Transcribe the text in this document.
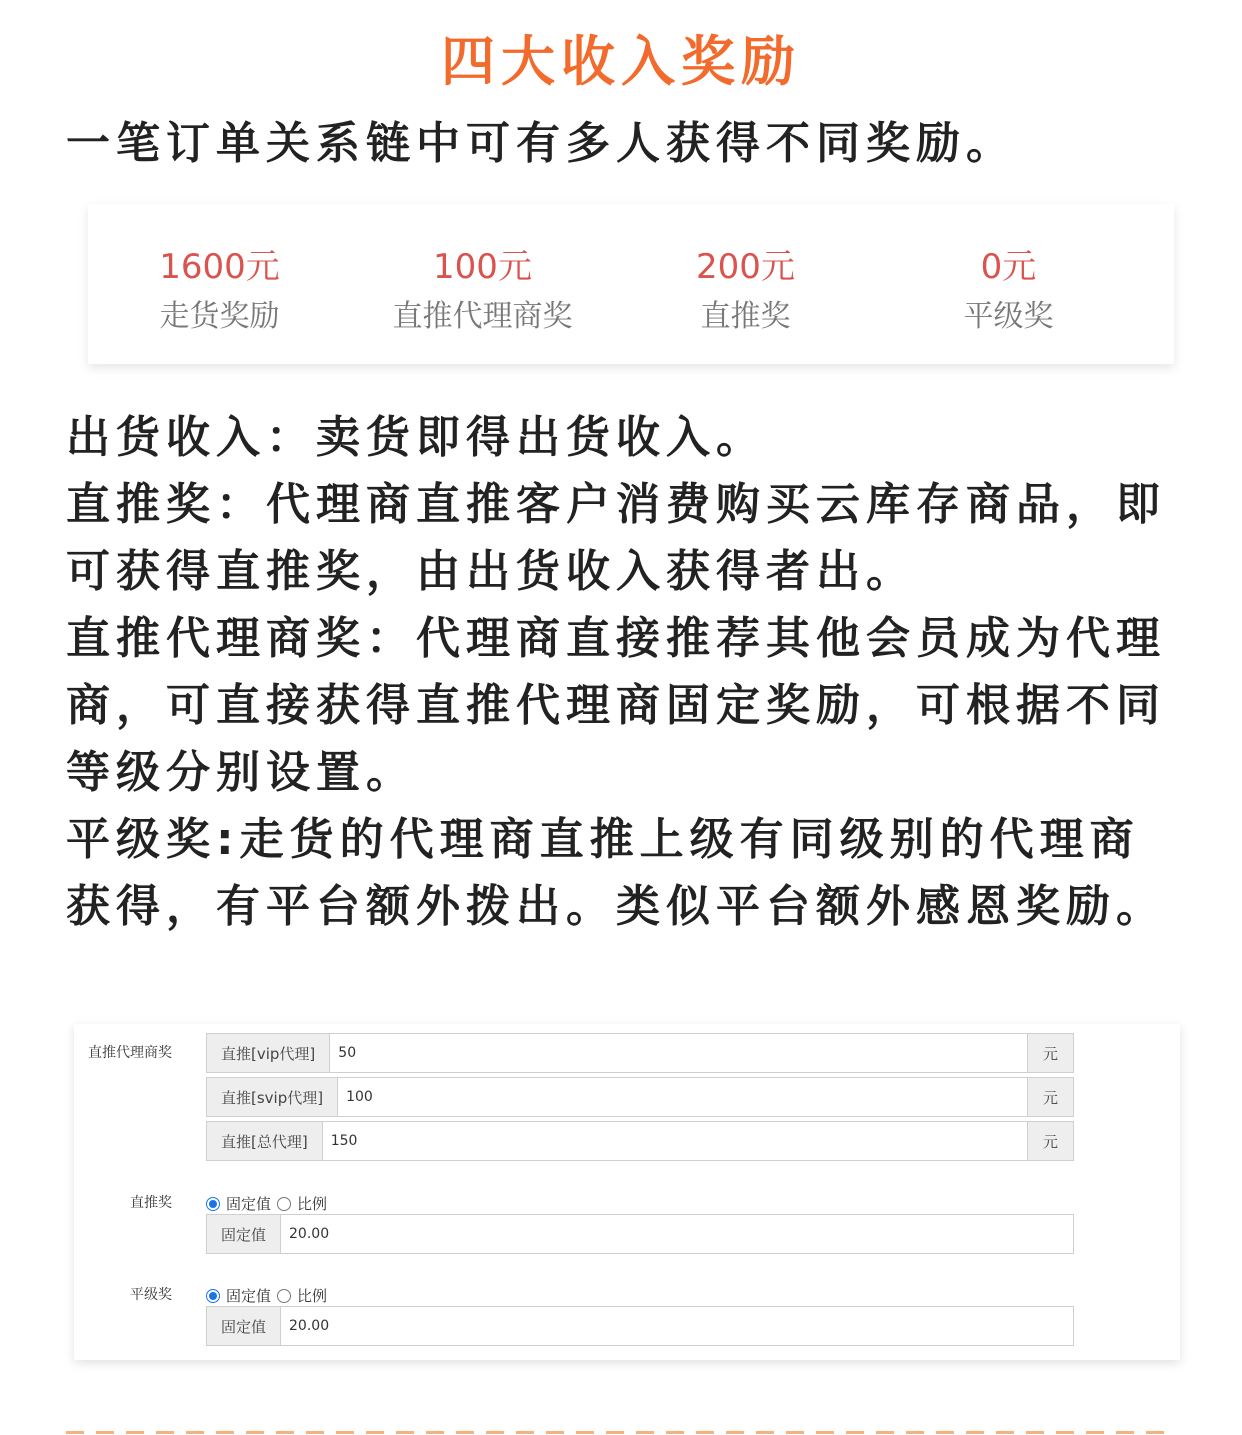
四大收入奖励
一笔订单关系链中可有多人获得不同奖励。
1600元
走货奖励
100元
直推代理商奖
200元
直推奖
0元
平级奖

出货收入：卖货即得出货收入。

直推奖：代理商直推客户消费购买云库存商品，即可获得直推奖，由出货收入获得者出。

直推代理商奖：代理商直接推荐其他会员成为代理商，可直接获得直推代理商固定奖励，可根据不同等级分别设置。

平级奖:走货的代理商直推上级有同级别的代理商获得，有平台额外拨出。类似平台额外感恩奖励。

直推代理商奖	直推[vip代理]	50	元
直推[svip代理]	100	元
直推[总代理]	150	元
直推奖	固定值 比例
固定值	20.00
平级奖	固定值 比例
固定值	20.00
